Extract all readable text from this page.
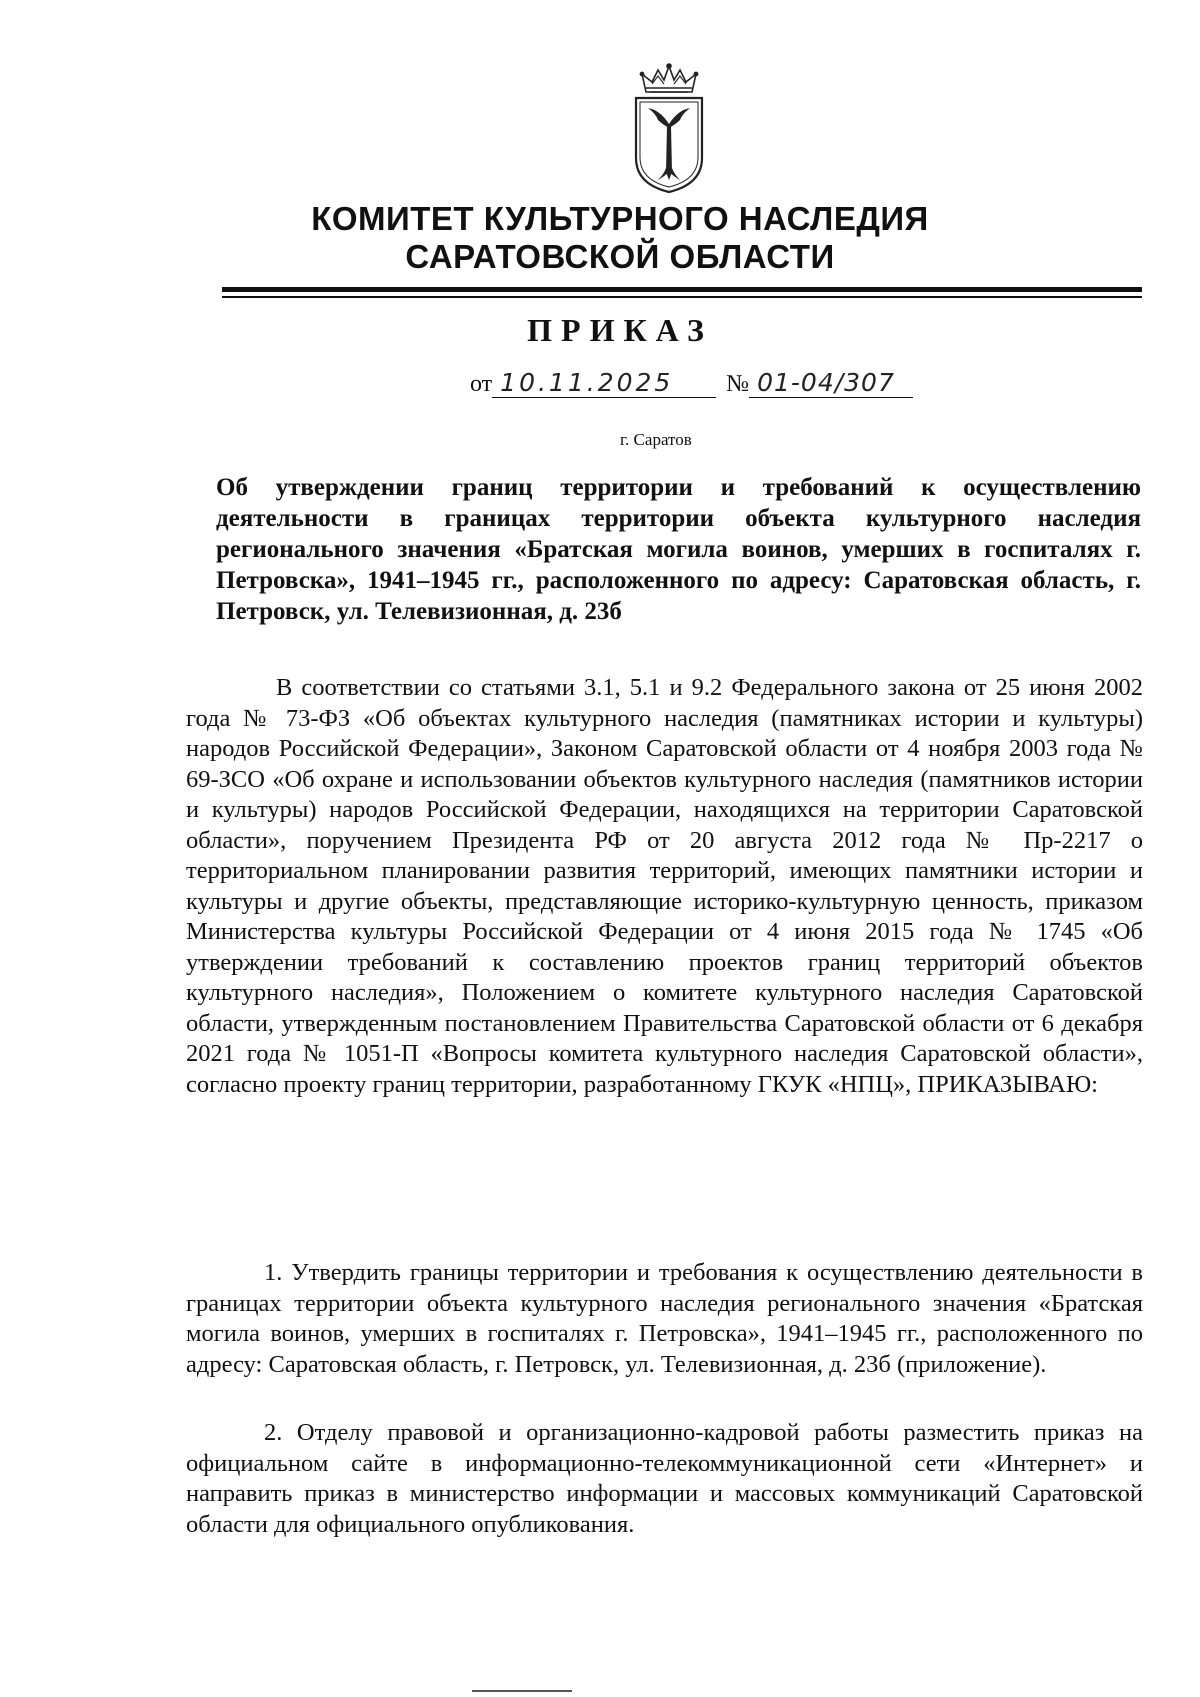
КОМИТЕТ КУЛЬТУРНОГО НАСЛЕДИЯ
САРАТОВСКОЙ ОБЛАСТИ
ПРИКАЗ
от 10.11.2025	№ 01-04/307
г. Саратов
Об утверждении границ территории и требований к осуществлению деятельности в границах территории объекта культурного наследия регионального значения «Братская могила воинов, умерших в госпиталях г. Петровска», 1941–1945 гг., расположенного по адресу: Саратовская область, г. Петровск, ул. Телевизионная, д. 23б
В соответствии со статьями 3.1, 5.1 и 9.2 Федерального закона от 25 июня 2002 года № 73-ФЗ «Об объектах культурного наследия (памятниках истории и культуры) народов Российской Федерации», Законом Саратовской области от 4 ноября 2003 года № 69-ЗСО «Об охране и использовании объектов культурного наследия (памятников истории и культуры) народов Российской Федерации, находящихся на территории Саратовской области», поручением Президента РФ от 20 августа 2012 года № Пр-2217 о территориальном планировании развития территорий, имеющих памятники истории и культуры и другие объекты, представляющие историко-культурную ценность, приказом Министерства культуры Российской Федерации от 4 июня 2015 года № 1745 «Об утверждении требований к составлению проектов границ территорий объектов культурного наследия», Положением о комитете культурного наследия Саратовской области, утвержденным постановлением Правительства Саратовской области от 6 декабря 2021 года № 1051-П «Вопросы комитета культурного наследия Саратовской области», согласно проекту границ территории, разработанному ГКУК «НПЦ», ПРИКАЗЫВАЮ:
1. Утвердить границы территории и требования к осуществлению деятельности в границах территории объекта культурного наследия регионального значения «Братская могила воинов, умерших в госпиталях г. Петровска», 1941–1945 гг., расположенного по адресу: Саратовская область, г. Петровск, ул. Телевизионная, д. 23б (приложение).
2. Отделу правовой и организационно-кадровой работы разместить приказ на официальном сайте в информационно-телекоммуникационной сети «Интернет» и направить приказ в министерство информации и массовых коммуникаций Саратовской области для официального опубликования.
